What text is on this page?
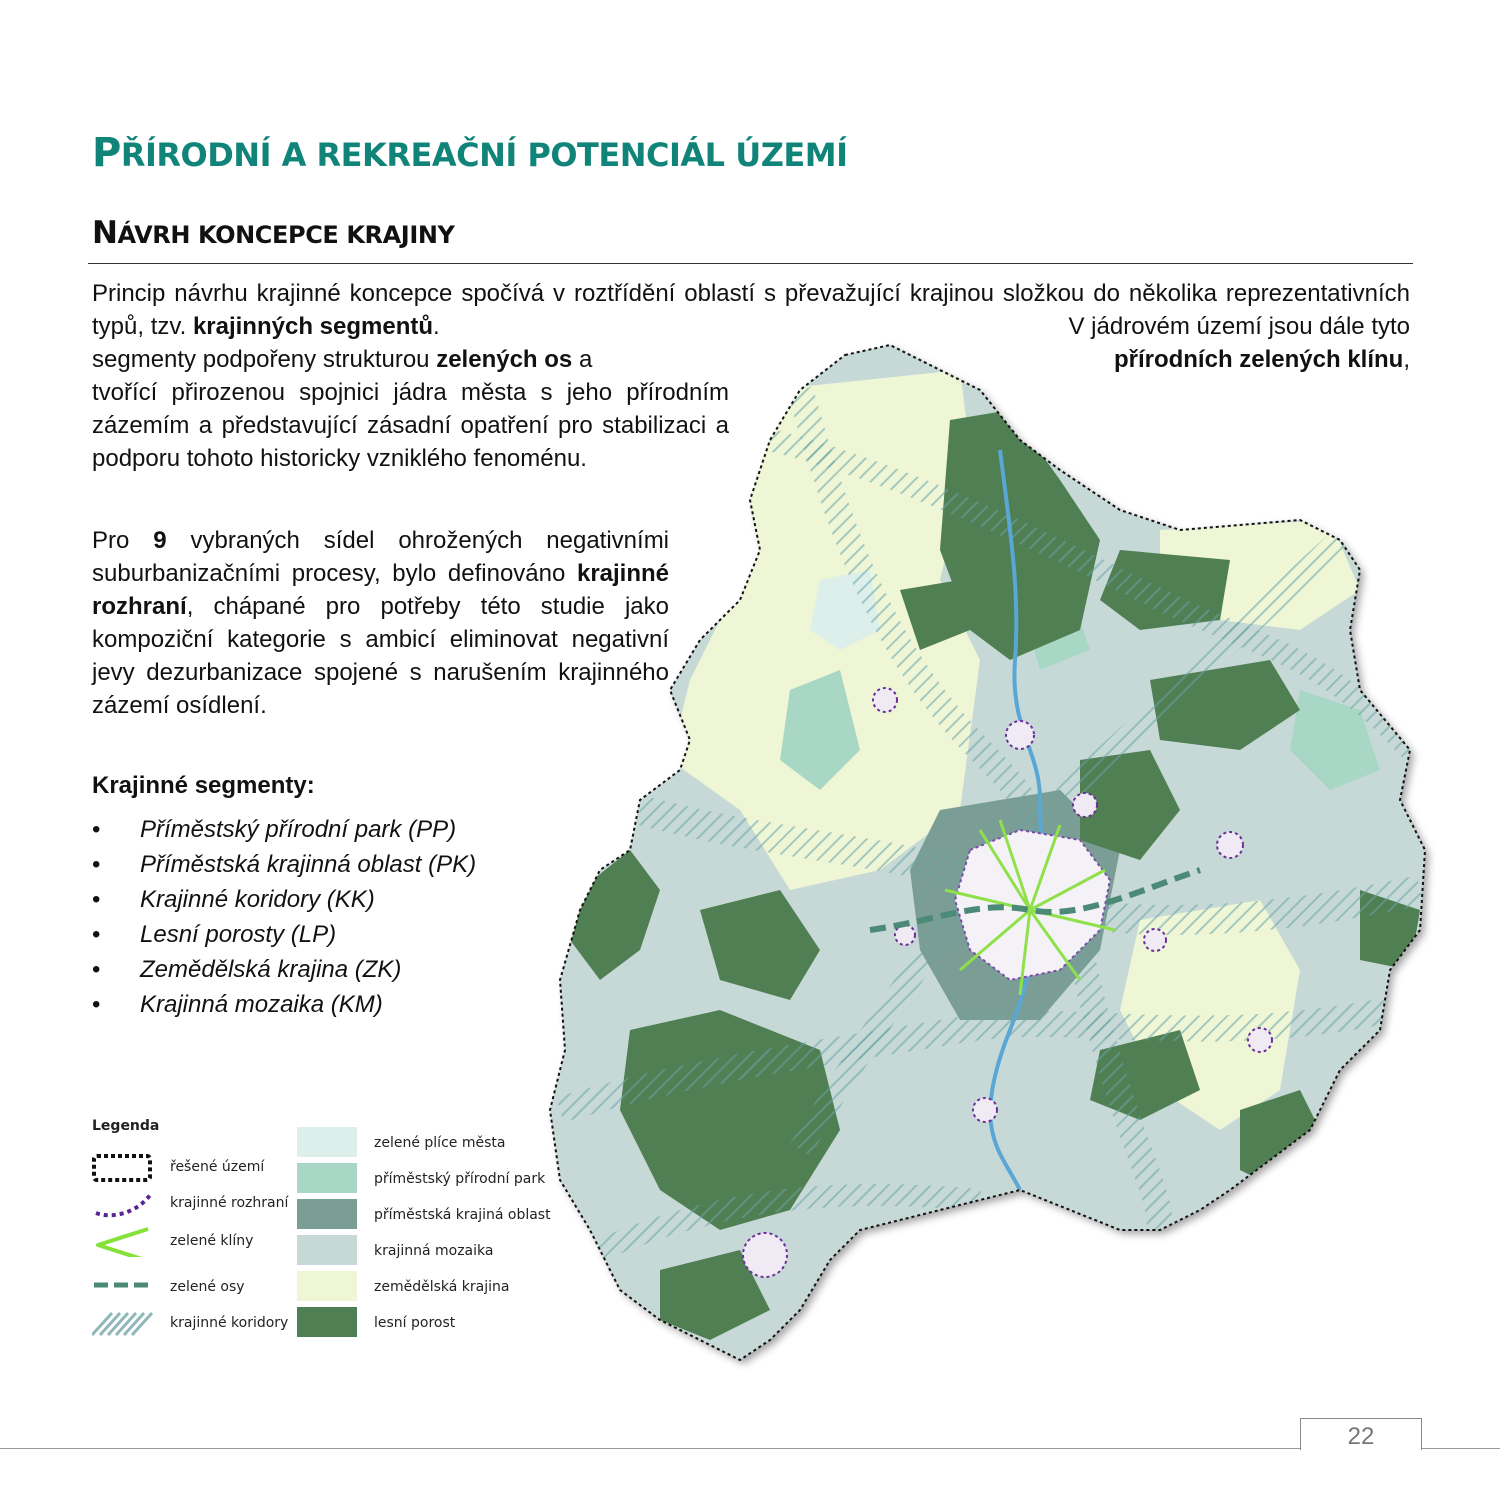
PŘÍRODNÍ A REKREAČNÍ POTENCIÁL ÚZEMÍ
NÁVRH KONCEPCE KRAJINY

Princip návrhu krajinné koncepce spočívá v roztřídění oblastí s převažující krajinou složkou do několika reprezentativních typů, tzv. krajinných segmentů.	V jádrovém území jsou dále tyto

segmenty podpořeny strukturou zelených os a	přírodních zelených klínu,

tvořící přirozenou spojnici jádra města s jeho přírodním zázemím a představující zásadní opatření pro stabilizaci a podporu tohoto historicky vzniklého fenoménu.

Pro 9 vybraných sídel ohrožených negativními suburbanizačními procesy, bylo definováno krajinné rozhraní, chápané pro potřeby této studie jako kompoziční kategorie s ambicí eliminovat negativní jevy dezurbanizace spojené s narušením krajinného zázemí osídlení.

Krajinné segmenty:
• Příměstský přírodní park (PP)
• Příměstská krajinná oblast (PK)
• Krajinné koridory (KK)
• Lesní porosty (LP)
• Zemědělská krajina (ZK)
• Krajinná mozaika (KM)
Legenda
řešené území
krajinné rozhraní
zelené klíny
zelené osy
krajinné koridory
zelené plíce města
příměstský přírodní park
příměstská krajiná oblast
krajinná mozaika
zemědělská krajina
lesní porost
22
